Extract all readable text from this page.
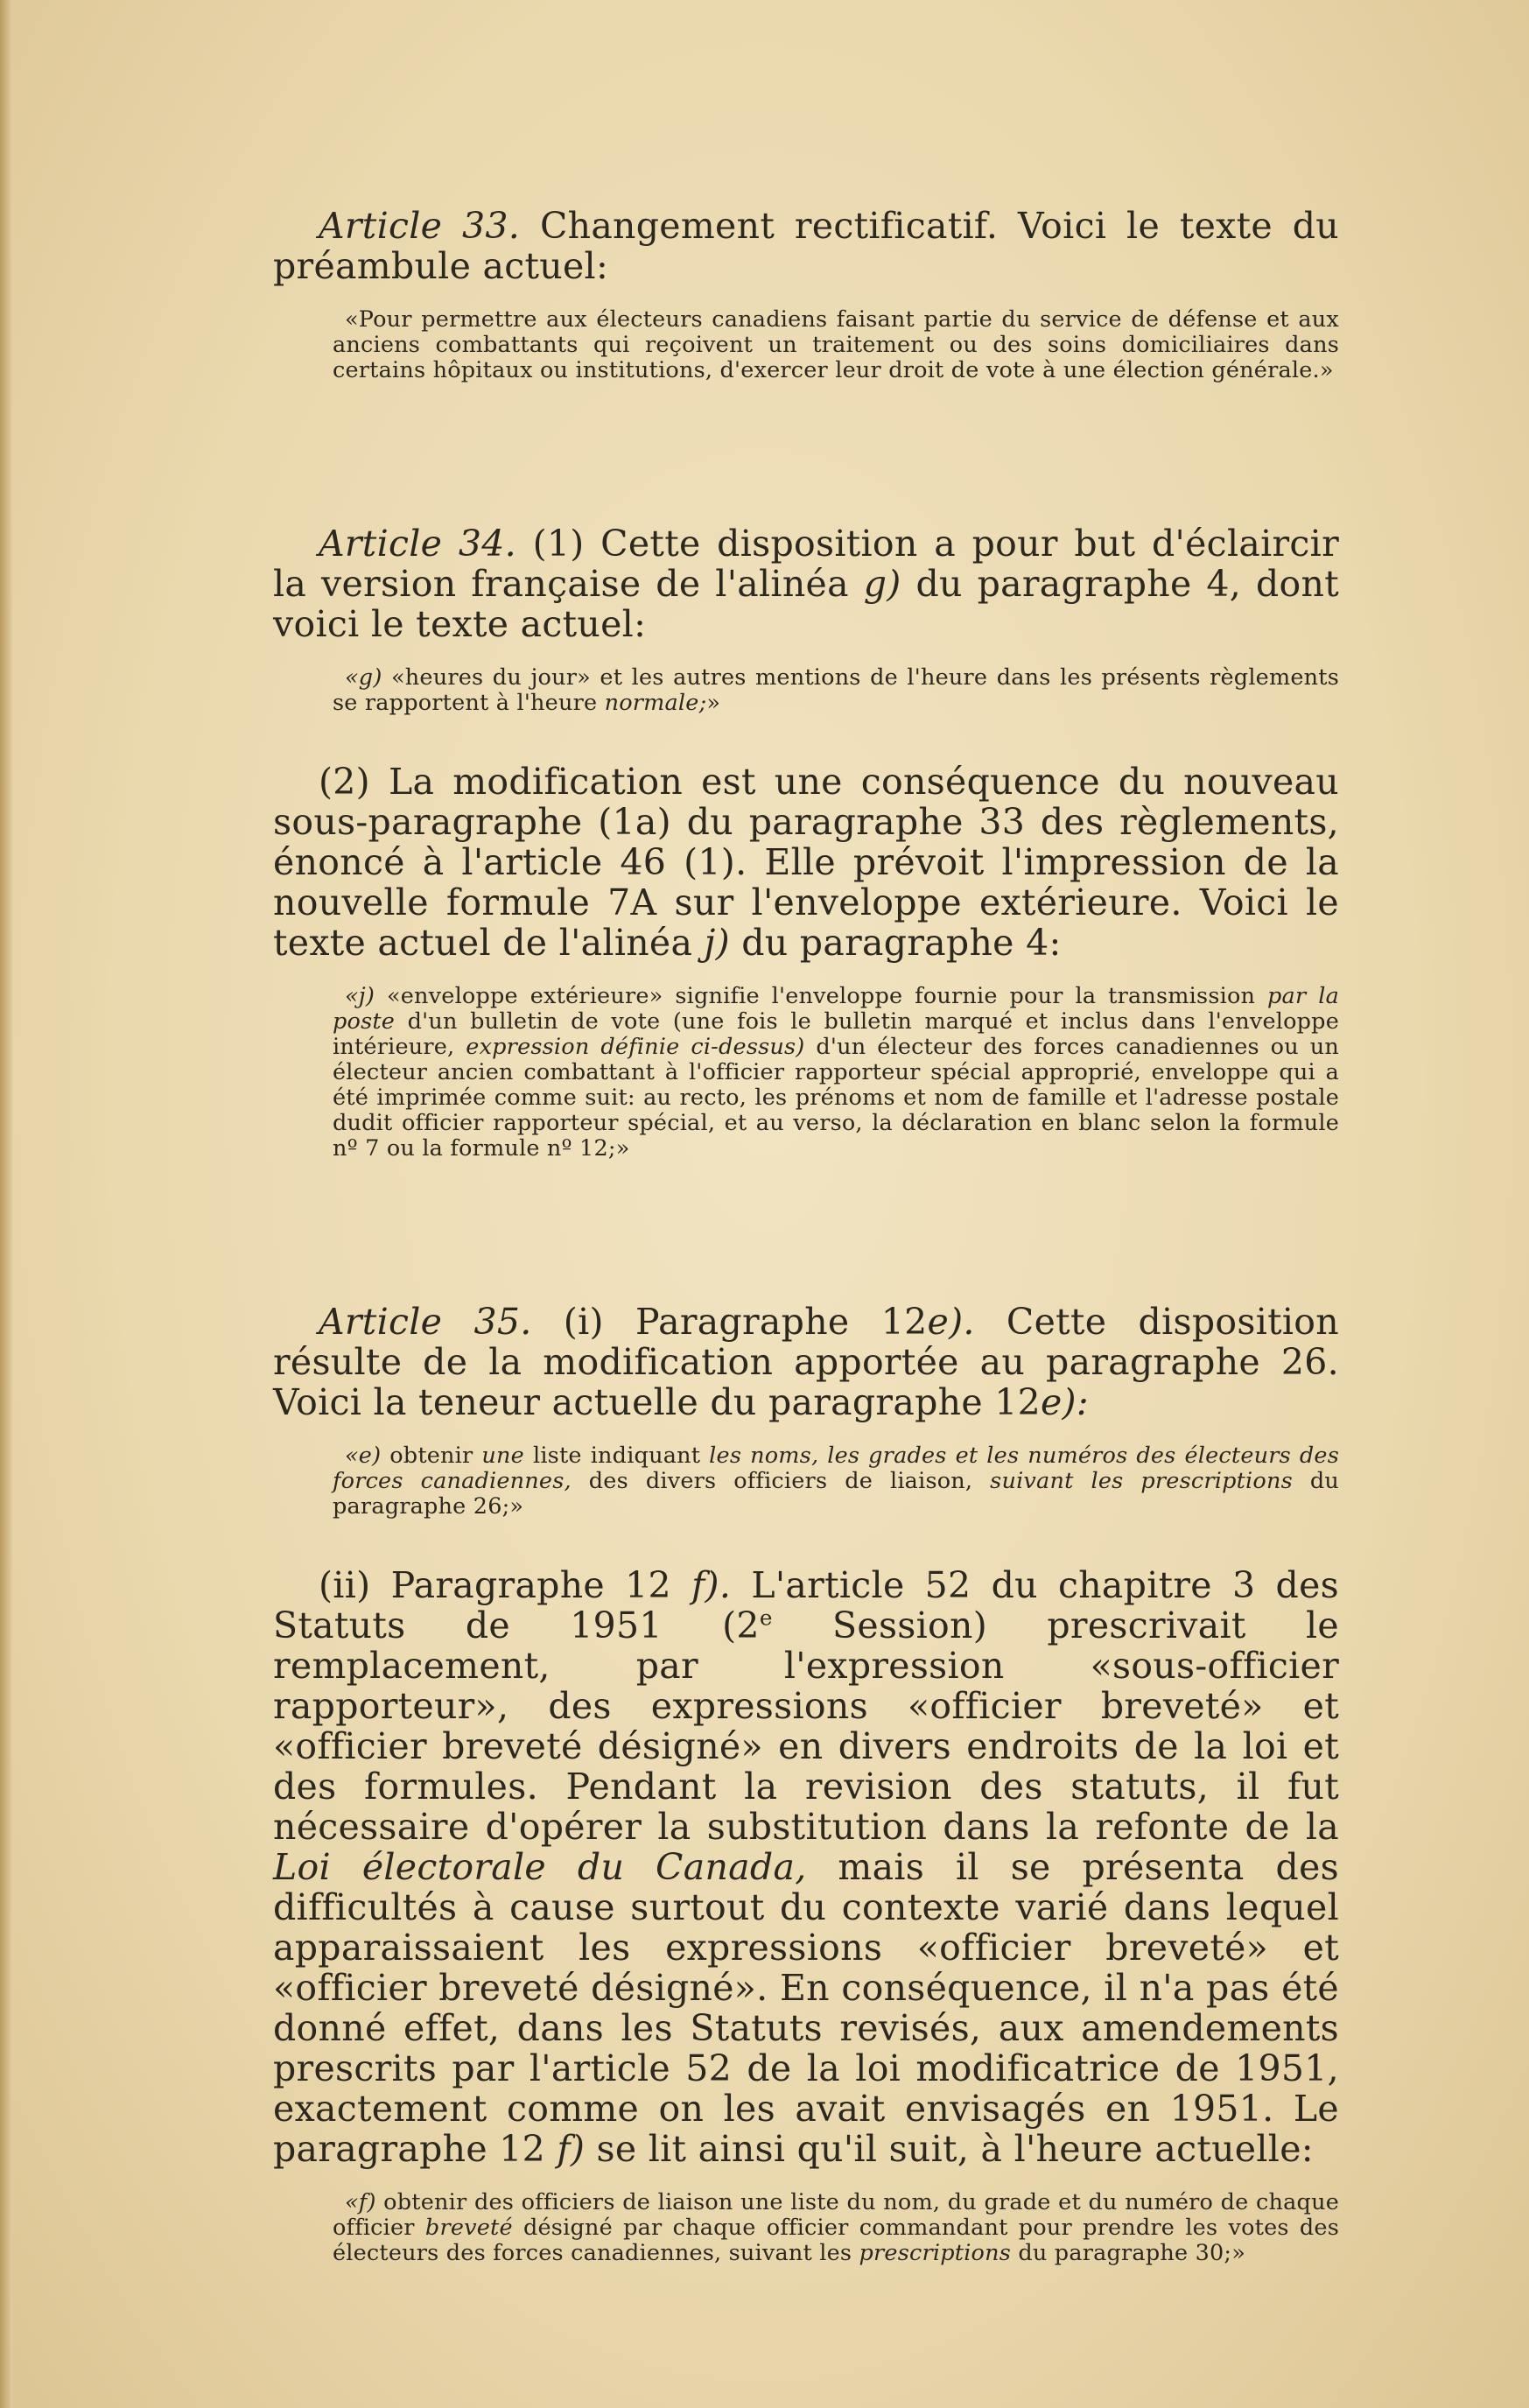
Article 33. Changement rectificatif. Voici le texte du préambule actuel:

«Pour permettre aux électeurs canadiens faisant partie du service de défense et aux anciens combattants qui reçoivent un traitement ou des soins domiciliaires dans certains hôpitaux ou institutions, d'exercer leur droit de vote à une élection générale.»

Article 34. (1) Cette disposition a pour but d'éclaircir la version française de l'alinéa g) du paragraphe 4, dont voici le texte actuel:

«g) «heures du jour» et les autres mentions de l'heure dans les présents règlements se rapportent à l'heure normale;»

(2) La modification est une conséquence du nouveau sous-paragraphe (1a) du paragraphe 33 des règlements, énoncé à l'article 46 (1). Elle prévoit l'impression de la nouvelle formule 7A sur l'enveloppe extérieure. Voici le texte actuel de l'alinéa j) du paragraphe 4:

«j) «enveloppe extérieure» signifie l'enveloppe fournie pour la transmission par la poste d'un bulletin de vote (une fois le bulletin marqué et inclus dans l'enveloppe intérieure, expression définie ci-dessus) d'un électeur des forces canadiennes ou un électeur ancien combattant à l'officier rapporteur spécial approprié, enveloppe qui a été imprimée comme suit: au recto, les prénoms et nom de famille et l'adresse postale dudit officier rapporteur spécial, et au verso, la déclaration en blanc selon la formule nº 7 ou la formule nº 12;»

Article 35. (i) Paragraphe 12e). Cette disposition résulte de la modification apportée au paragraphe 26. Voici la teneur actuelle du paragraphe 12e):

«e) obtenir une liste indiquant les noms, les grades et les numéros des électeurs des forces canadiennes, des divers officiers de liaison, suivant les prescriptions du paragraphe 26;»

(ii) Paragraphe 12 f). L'article 52 du chapitre 3 des Statuts de 1951 (2e Session) prescrivait le remplacement, par l'expression «sous-officier rapporteur», des expressions «officier breveté» et «officier breveté désigné» en divers endroits de la loi et des formules. Pendant la revision des statuts, il fut nécessaire d'opérer la substitution dans la refonte de la Loi électorale du Canada, mais il se présenta des difficultés à cause surtout du contexte varié dans lequel apparaissaient les expressions «officier breveté» et «officier breveté désigné». En conséquence, il n'a pas été donné effet, dans les Statuts revisés, aux amendements prescrits par l'article 52 de la loi modificatrice de 1951, exactement comme on les avait envisagés en 1951. Le paragraphe 12 f) se lit ainsi qu'il suit, à l'heure actuelle:

«f) obtenir des officiers de liaison une liste du nom, du grade et du numéro de chaque officier breveté désigné par chaque officier commandant pour prendre les votes des électeurs des forces canadiennes, suivant les prescriptions du paragraphe 30;»
